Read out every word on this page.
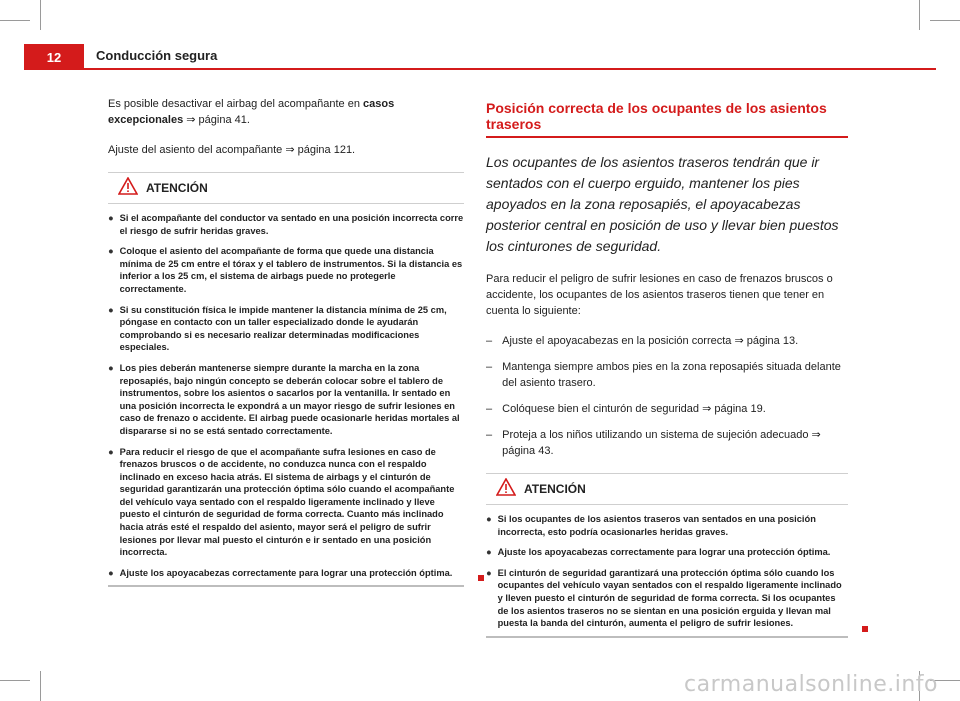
12	Conducción segura

Es posible desactivar el airbag del acompañante en casos excepcionales ⇒ página 41.

Ajuste del asiento del acompañante ⇒ página 121.

ATENCIÓN
● Si el acompañante del conductor va sentado en una posición incorrecta corre el riesgo de sufrir heridas graves.
● Coloque el asiento del acompañante de forma que quede una distancia mínima de 25 cm entre el tórax y el tablero de instrumentos. Si la distancia es inferior a los 25 cm, el sistema de airbags puede no protegerle correctamente.
● Si su constitución física le impide mantener la distancia mínima de 25 cm, póngase en contacto con un taller especializado donde le ayudarán comprobando si es necesario realizar determinadas modificaciones especiales.
● Los pies deberán mantenerse siempre durante la marcha en la zona reposapiés, bajo ningún concepto se deberán colocar sobre el tablero de instrumentos, sobre los asientos o sacarlos por la ventanilla. Ir sentado en una posición incorrecta le expondrá a un mayor riesgo de sufrir lesiones en caso de frenazo o accidente. El airbag puede ocasionarle heridas mortales al dispararse si no se está sentado correctamente.
● Para reducir el riesgo de que el acompañante sufra lesiones en caso de frenazos bruscos o de accidente, no conduzca nunca con el respaldo inclinado en exceso hacia atrás. El sistema de airbags y el cinturón de seguridad garantizarán una protección óptima sólo cuando el acompañante del vehículo vaya sentado con el respaldo ligeramente inclinado y lleve puesto el cinturón de seguridad de forma correcta. Cuanto más inclinado hacia atrás esté el respaldo del asiento, mayor será el peligro de sufrir lesiones por llevar mal puesto el cinturón e ir sentado en una posición incorrecta.
● Ajuste los apoyacabezas correctamente para lograr una protección óptima.
Posición correcta de los ocupantes de los asientos traseros

Los ocupantes de los asientos traseros tendrán que ir sentados con el cuerpo erguido, mantener los pies apoyados en la zona reposapiés, el apoyacabezas posterior central en posición de uso y llevar bien puestos los cinturones de seguridad.

Para reducir el peligro de sufrir lesiones en caso de frenazos bruscos o accidente, los ocupantes de los asientos traseros tienen que tener en cuenta lo siguiente:

– Ajuste el apoyacabezas en la posición correcta ⇒ página 13.
– Mantenga siempre ambos pies en la zona reposapiés situada delante del asiento trasero.
– Colóquese bien el cinturón de seguridad ⇒ página 19.
– Proteja a los niños utilizando un sistema de sujeción adecuado ⇒ página 43.
ATENCIÓN
● Si los ocupantes de los asientos traseros van sentados en una posición incorrecta, esto podría ocasionarles heridas graves.
● Ajuste los apoyacabezas correctamente para lograr una protección óptima.
● El cinturón de seguridad garantizará una protección óptima sólo cuando los ocupantes del vehículo vayan sentados con el respaldo ligeramente inclinado y lleven puesto el cinturón de seguridad de forma correcta. Si los ocupantes de los asientos traseros no se sientan en una posición erguida y llevan mal puesta la banda del cinturón, aumenta el peligro de sufrir lesiones.
carmanualsonline.info
